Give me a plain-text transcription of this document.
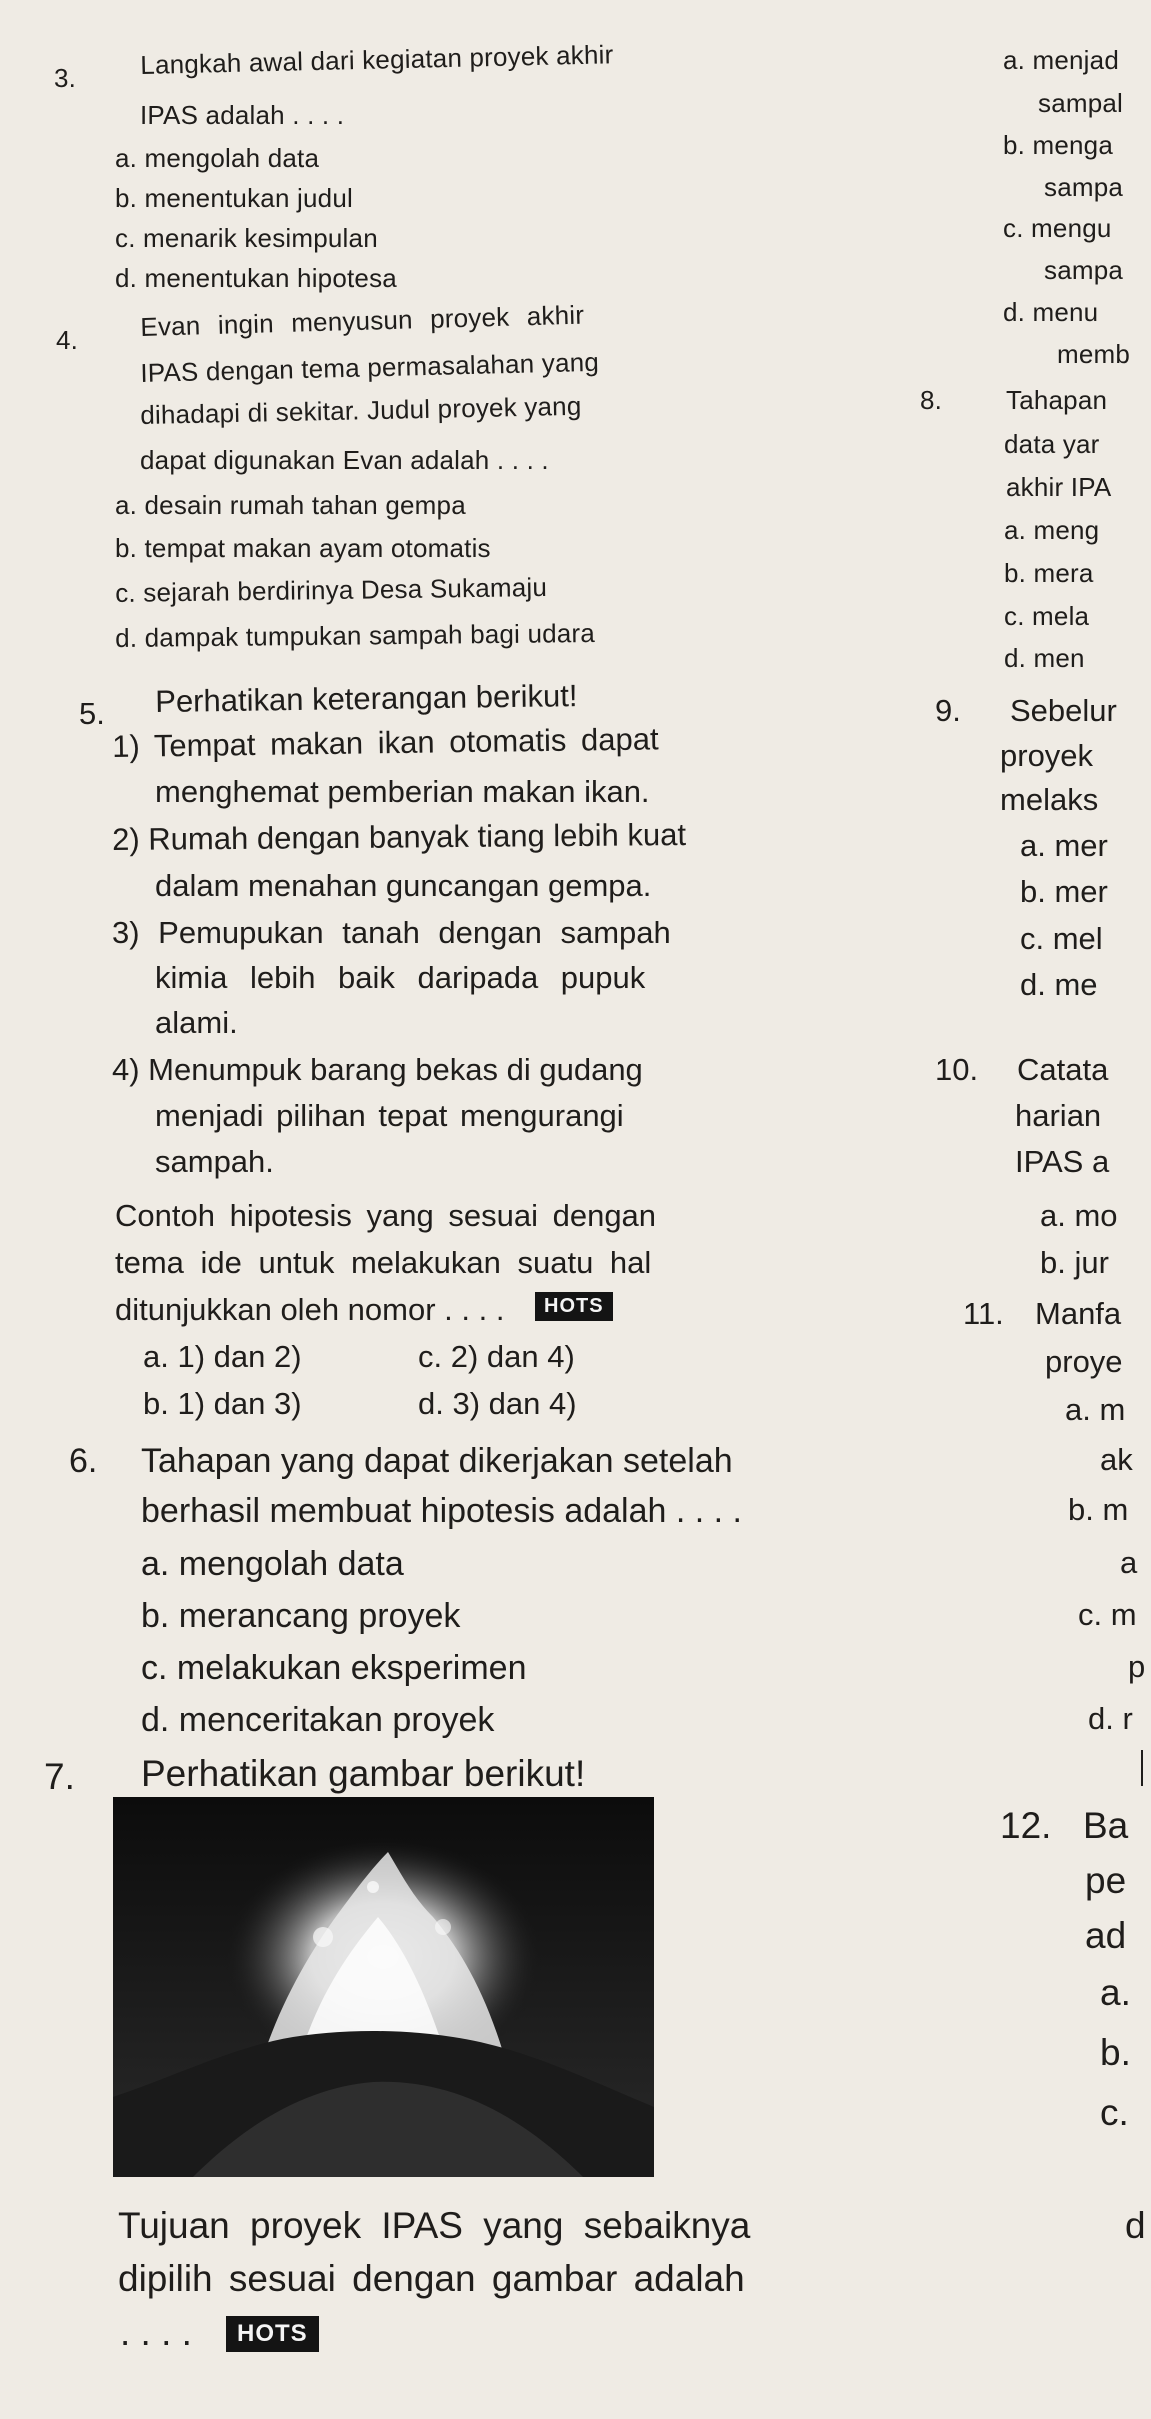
3. Langkah awal dari kegiatan proyek akhir
IPAS adalah . . . .
a. mengolah data
b. menentukan judul
c. menarik kesimpulan
d. menentukan hipotesa
4. Evan ingin menyusun proyek akhir
IPAS dengan tema permasalahan yang
dihadapi di sekitar. Judul proyek yang
dapat digunakan Evan adalah . . . .
a. desain rumah tahan gempa
b. tempat makan ayam otomatis
c. sejarah berdirinya Desa Sukamaju
d. dampak tumpukan sampah bagi udara
5. Perhatikan keterangan berikut!
1) Tempat makan ikan otomatis dapat
menghemat pemberian makan ikan.
2) Rumah dengan banyak tiang lebih kuat
dalam menahan guncangan gempa.
3) Pemupukan tanah dengan sampah
kimia lebih baik daripada pupuk
alami.
4) Menumpuk barang bekas di gudang
menjadi pilihan tepat mengurangi
sampah.
Contoh hipotesis yang sesuai dengan
tema ide untuk melakukan suatu hal
ditunjukkan oleh nomor . . . .	HOTS
a. 1) dan 2)	c. 2) dan 4)
b. 1) dan 3)	d. 3) dan 4)
6. Tahapan yang dapat dikerjakan setelah
berhasil membuat hipotesis adalah . . . .
a. mengolah data
b. merancang proyek
c. melakukan eksperimen
d. menceritakan proyek
7. Perhatikan gambar berikut!
Tujuan proyek IPAS yang sebaiknya
dipilih sesuai dengan gambar adalah
. . . .	HOTS
a. menjad
sampal
b. menga
sampa
c. mengu
sampa
d. menu
memb
8. Tahapan
data yar
akhir IPA
a. meng
b. mera
c. mela
d. men
9. Sebelur
proyek
melaks
a. mer
b. mer
c. mel
d. me
10. Catata
harian
IPAS a
a. mo
b. jur
11. Manfa
proye
a. m
ak
b. m
a
c. m
p
d. r
12. Ba
pe
ad
a.
b.
c.
d
